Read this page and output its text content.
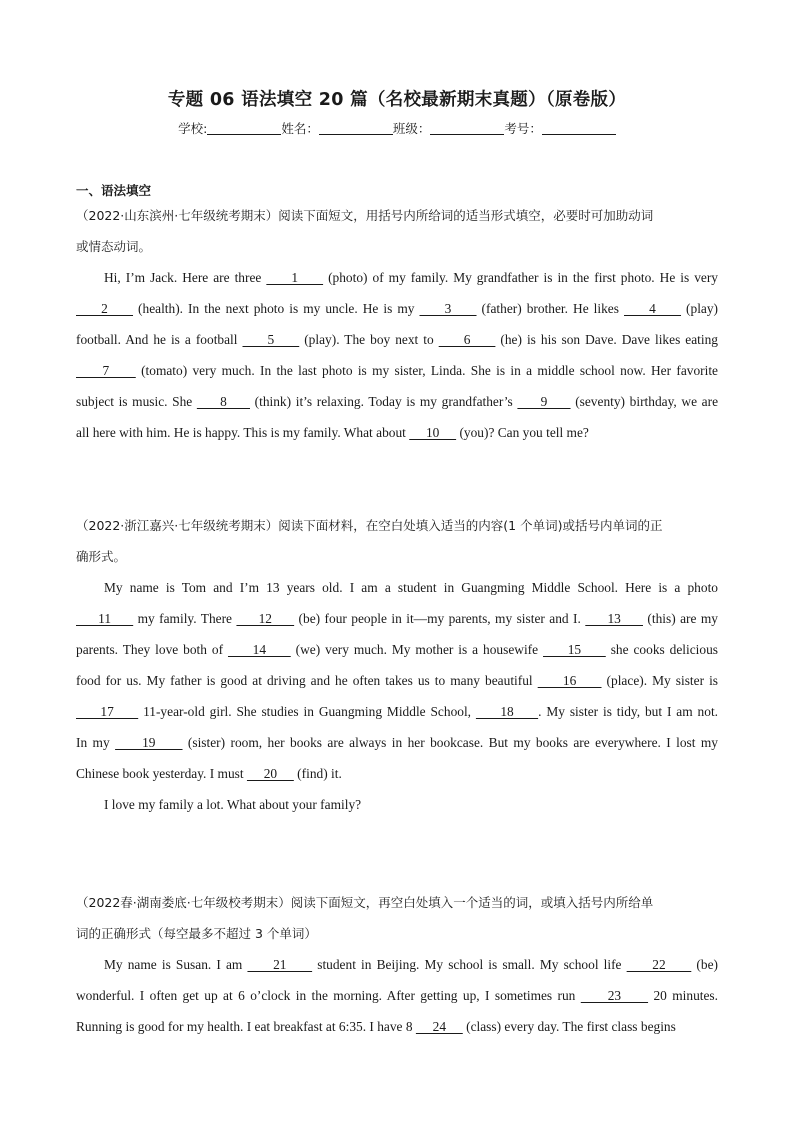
专题 06 语法填空 20 篇（名校最新期末真题）（原卷版）
学校:	姓名：	班级：	考号：
一、语法填空

（2022·山东滨州·七年级统考期末）阅读下面短文，用括号内所给词的适当形式填空，必要时可加助动词

或情态动词。

Hi, I’m Jack. Here are three      1      (photo) of my family. My grandfather is in the first photo. He is very

2      (health). In the next photo is my uncle. He is my      3      (father) brother. He likes      4      (play)

football. And he is a football      5      (play). The boy next to      6      (he) is his son Dave. Dave likes eating

7      (tomato) very much. In the last photo is my sister, Linda. She is in a middle school now. Her favorite

subject is music. She      8      (think) it’s relaxing. Today is my grandfather’s      9      (seventy) birthday, we are

all here with him. He is happy. This is my family. What about      10      (you)? Can you tell me?

（2022·浙江嘉兴·七年级统考期末）阅读下面材料，在空白处填入适当的内容(1 个单词)或括号内单词的正

确形式。

My name is Tom and I’m 13 years old. I am a student in Guangming Middle School. Here is a photo

11      my family. There      12      (be) four people in it—my parents, my sister and I.      13      (this) are my

parents. They love both of      14      (we) very much. My mother is a housewife      15      she cooks delicious

food for us. My father is good at driving and he often takes us to many beautiful      16      (place). My sister is

17      11-year-old girl. She studies in Guangming Middle School,      18     . My sister is tidy, but I am not.

In my      19      (sister) room, her books are always in her bookcase. But my books are everywhere. I lost my

Chinese book yesterday. I must      20      (find) it.

I love my family a lot. What about your family?

（2022春·湖南娄底·七年级校考期末）阅读下面短文，再空白处填入一个适当的词，或填入括号内所给单

词的正确形式（每空最多不超过 3 个单词）

My name is Susan. I am      21      student in Beijing. My school is small. My school life      22      (be)

wonderful. I often get up at 6 o’clock in the morning. After getting up, I sometimes run      23      20 minutes.

Running is good for my health. I eat breakfast at 6:35. I have 8      24      (class) every day. The first class begins
